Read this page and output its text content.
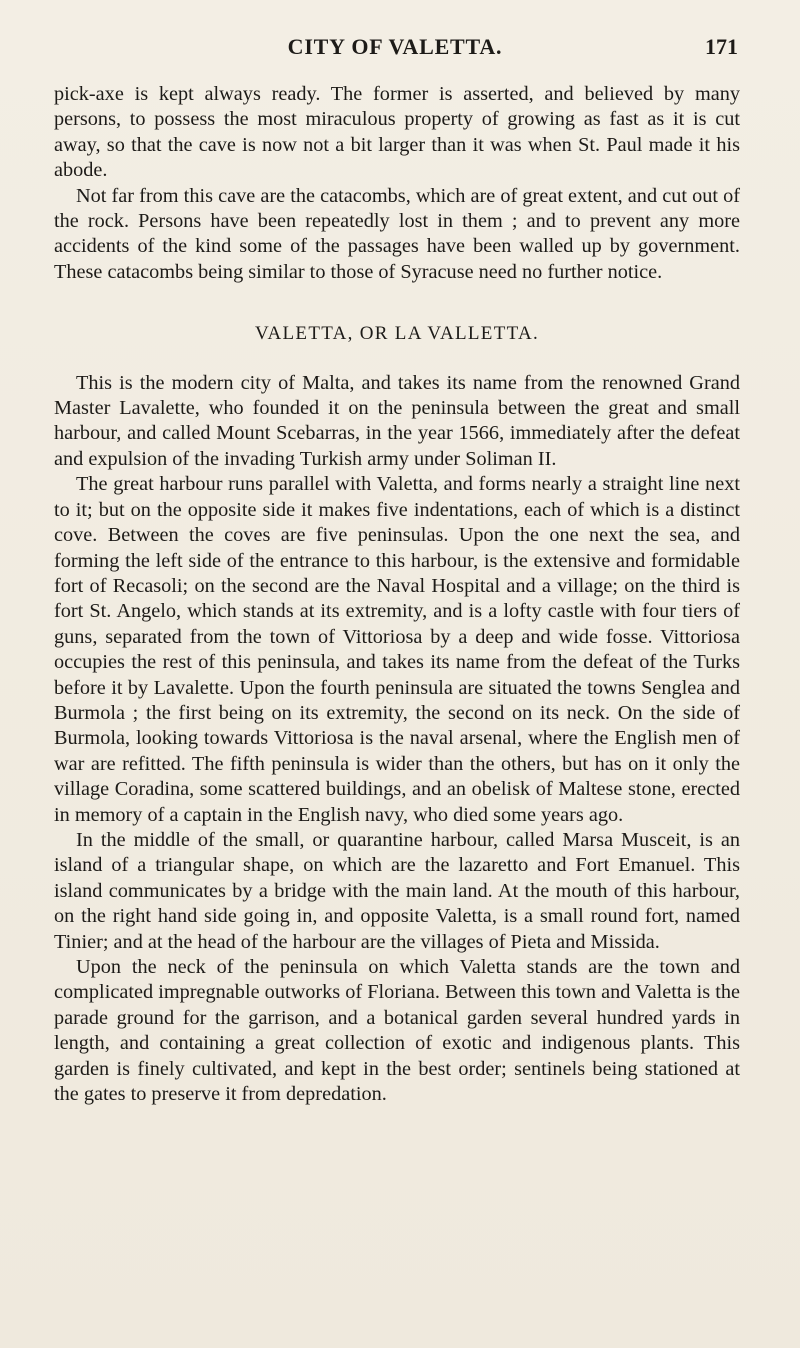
CITY OF VALETTA.	171

pick-axe is kept always ready. The former is asserted, and believed by many persons, to possess the most miraculous property of growing as fast as it is cut away, so that the cave is now not a bit larger than it was when St. Paul made it his abode.

Not far from this cave are the catacombs, which are of great extent, and cut out of the rock. Persons have been repeatedly lost in them ; and to prevent any more accidents of the kind some of the passages have been walled up by government. These catacombs being similar to those of Syracuse need no further notice.

VALETTA, OR LA VALLETTA.

This is the modern city of Malta, and takes its name from the renowned Grand Master Lavalette, who founded it on the peninsula between the great and small harbour, and called Mount Scebarras, in the year 1566, immediately after the defeat and expulsion of the invading Turkish army under Soliman II.

The great harbour runs parallel with Valetta, and forms nearly a straight line next to it; but on the opposite side it makes five indentations, each of which is a distinct cove. Between the coves are five peninsulas. Upon the one next the sea, and forming the left side of the entrance to this harbour, is the extensive and formidable fort of Recasoli; on the second are the Naval Hospital and a village; on the third is fort St. Angelo, which stands at its extremity, and is a lofty castle with four tiers of guns, separated from the town of Vittoriosa by a deep and wide fosse. Vittoriosa occupies the rest of this peninsula, and takes its name from the defeat of the Turks before it by Lavalette. Upon the fourth peninsula are situated the towns Senglea and Burmola ; the first being on its extremity, the second on its neck. On the side of Burmola, looking towards Vittoriosa is the naval arsenal, where the English men of war are refitted. The fifth peninsula is wider than the others, but has on it only the village Coradina, some scattered buildings, and an obelisk of Maltese stone, erected in memory of a captain in the English navy, who died some years ago.

In the middle of the small, or quarantine harbour, called Marsa Musceit, is an island of a triangular shape, on which are the lazaretto and Fort Emanuel. This island communicates by a bridge with the main land. At the mouth of this harbour, on the right hand side going in, and opposite Valetta, is a small round fort, named Tinier; and at the head of the harbour are the villages of Pieta and Missida.

Upon the neck of the peninsula on which Valetta stands are the town and complicated impregnable outworks of Floriana. Between this town and Valetta is the parade ground for the garrison, and a botanical garden several hundred yards in length, and containing a great collection of exotic and indigenous plants. This garden is finely cultivated, and kept in the best order; sentinels being stationed at the gates to preserve it from depredation.
